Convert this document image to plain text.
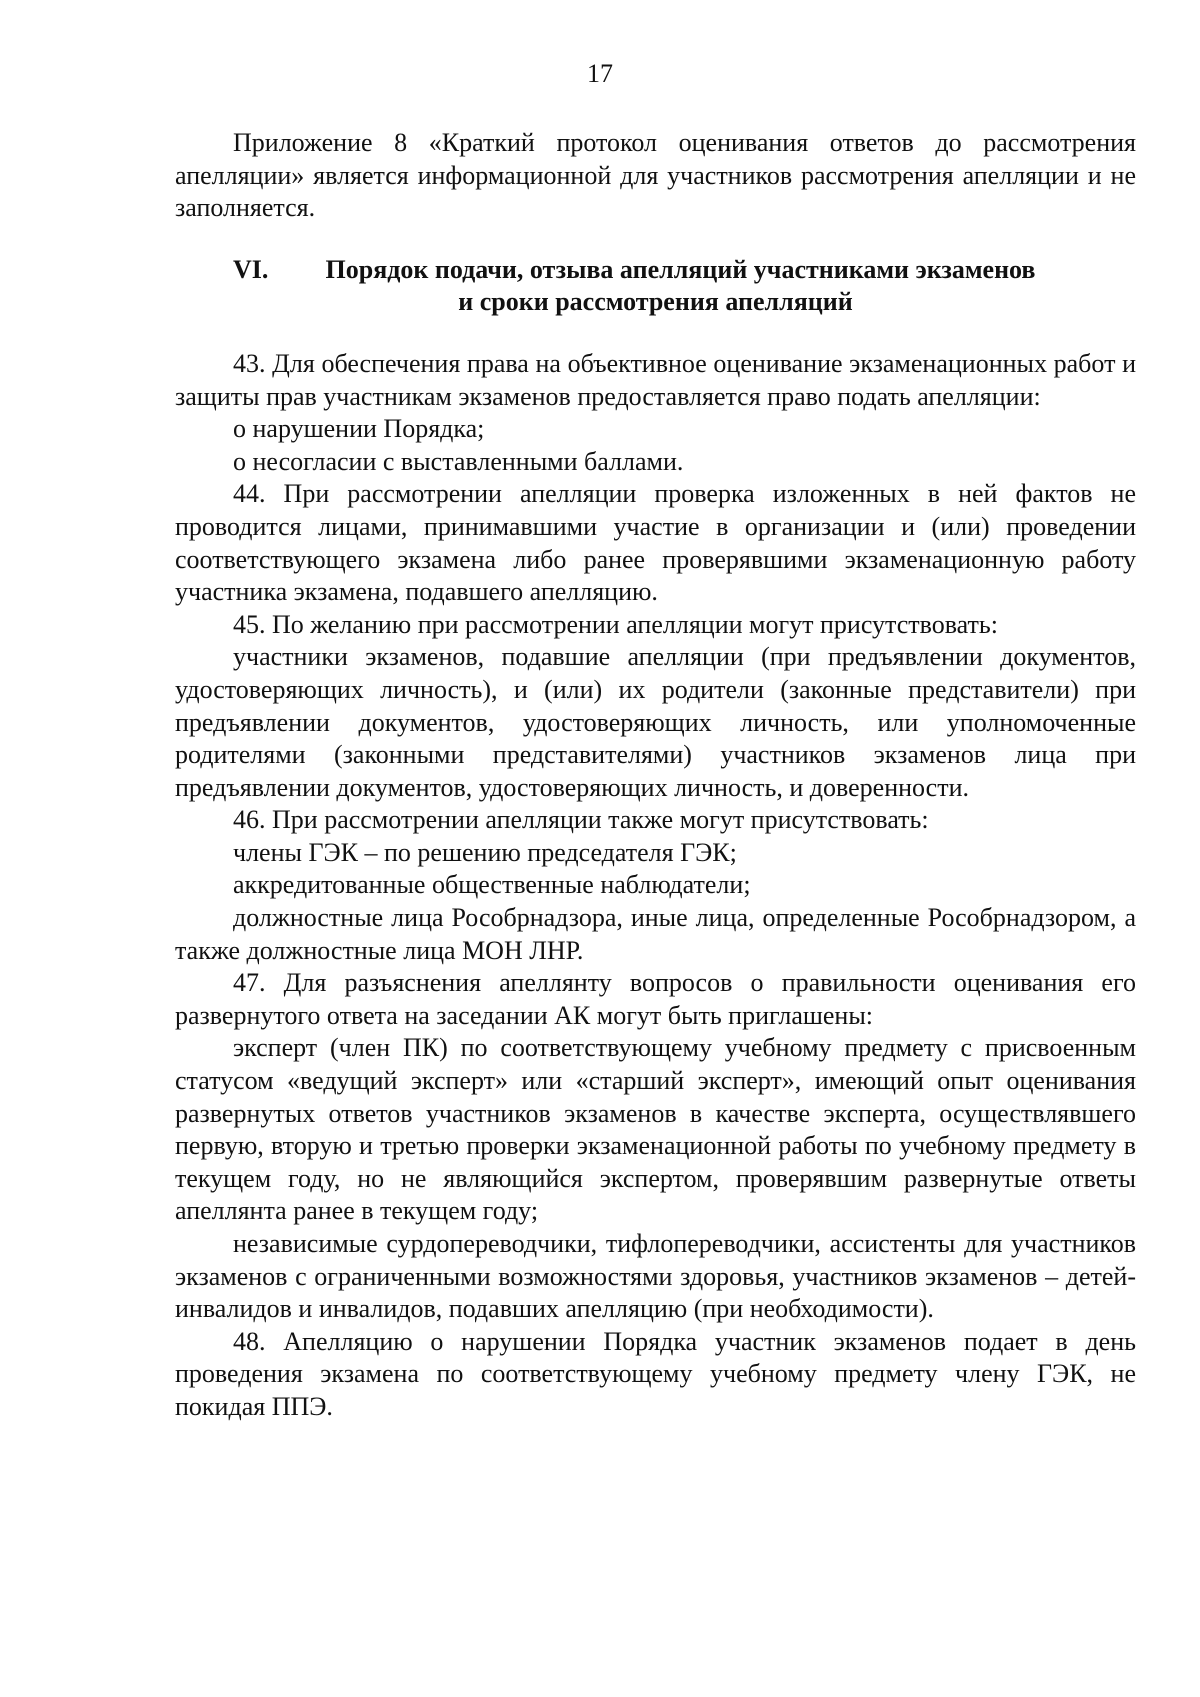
17

Приложение 8 «Краткий протокол оценивания ответов до рассмотрения апелляции» является информационной для участников рассмотрения апелляции и не заполняется.

VI.	Порядок подачи, отзыва апелляций участниками экзаменов
и сроки рассмотрения апелляций

43. Для обеспечения права на объективное оценивание экзаменационных работ и защиты прав участникам экзаменов предоставляется право подать апелляции:

о нарушении Порядка;

о несогласии с выставленными баллами.

44. При рассмотрении апелляции проверка изложенных в ней фактов не проводится лицами, принимавшими участие в организации и (или) проведении соответствующего экзамена либо ранее проверявшими экзаменационную работу участника экзамена, подавшего апелляцию.

45. По желанию при рассмотрении апелляции могут присутствовать:

участники экзаменов, подавшие апелляции (при предъявлении документов, удостоверяющих личность), и (или) их родители (законные представители) при предъявлении документов, удостоверяющих личность, или уполномоченные родителями (законными представителями) участников экзаменов лица при предъявлении документов, удостоверяющих личность, и доверенности.

46. При рассмотрении апелляции также могут присутствовать:

члены ГЭК – по решению председателя ГЭК;

аккредитованные общественные наблюдатели;

должностные лица Рособрнадзора, иные лица, определенные Рособрнадзором, а также должностные лица МОН ЛНР.

47. Для разъяснения апеллянту вопросов о правильности оценивания его развернутого ответа на заседании АК могут быть приглашены:

эксперт (член ПК) по соответствующему учебному предмету с присвоенным статусом «ведущий эксперт» или «старший эксперт», имеющий опыт оценивания развернутых ответов участников экзаменов в качестве эксперта, осуществлявшего первую, вторую и третью проверки экзаменационной работы по учебному предмету в текущем году, но не являющийся экспертом, проверявшим развернутые ответы апеллянта ранее в текущем году;

независимые сурдопереводчики, тифлопереводчики, ассистенты для участников экзаменов с ограниченными возможностями здоровья, участников экзаменов – детей-инвалидов и инвалидов, подавших апелляцию (при необходимости).

48. Апелляцию о нарушении Порядка участник экзаменов подает в день проведения экзамена по соответствующему учебному предмету члену ГЭК, не покидая ППЭ.
